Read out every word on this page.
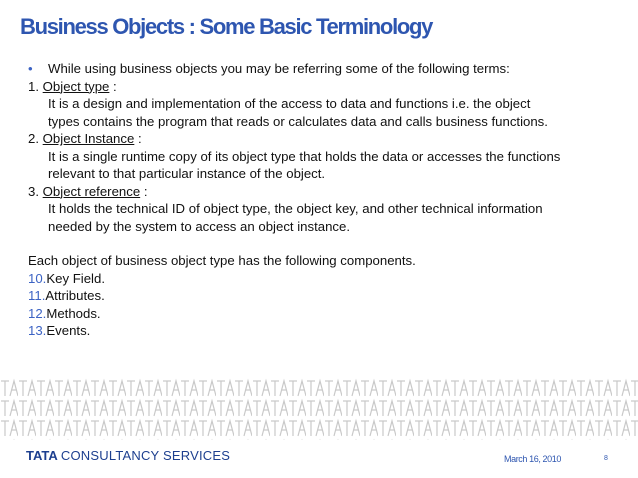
Business Objects : Some Basic Terminology
• While using business objects you may be referring some of the following terms:
1. Object type :
It is a design and implementation of the access to data and functions i.e. the object
types contains the program that reads or calculates data and calls business functions.
2. Object Instance :
It is a single runtime copy of its object type that holds the data or accesses the functions
relevant to that particular instance of the object.
3. Object reference :
It holds the technical ID of object type, the object key, and other technical information
needed by the system to access an object instance.
Each object of business object type has the following components.
10.Key Field.
11.Attributes.
12.Methods.
13.Events.
TATA CONSULTANCY SERVICES	March 16, 2010	8
